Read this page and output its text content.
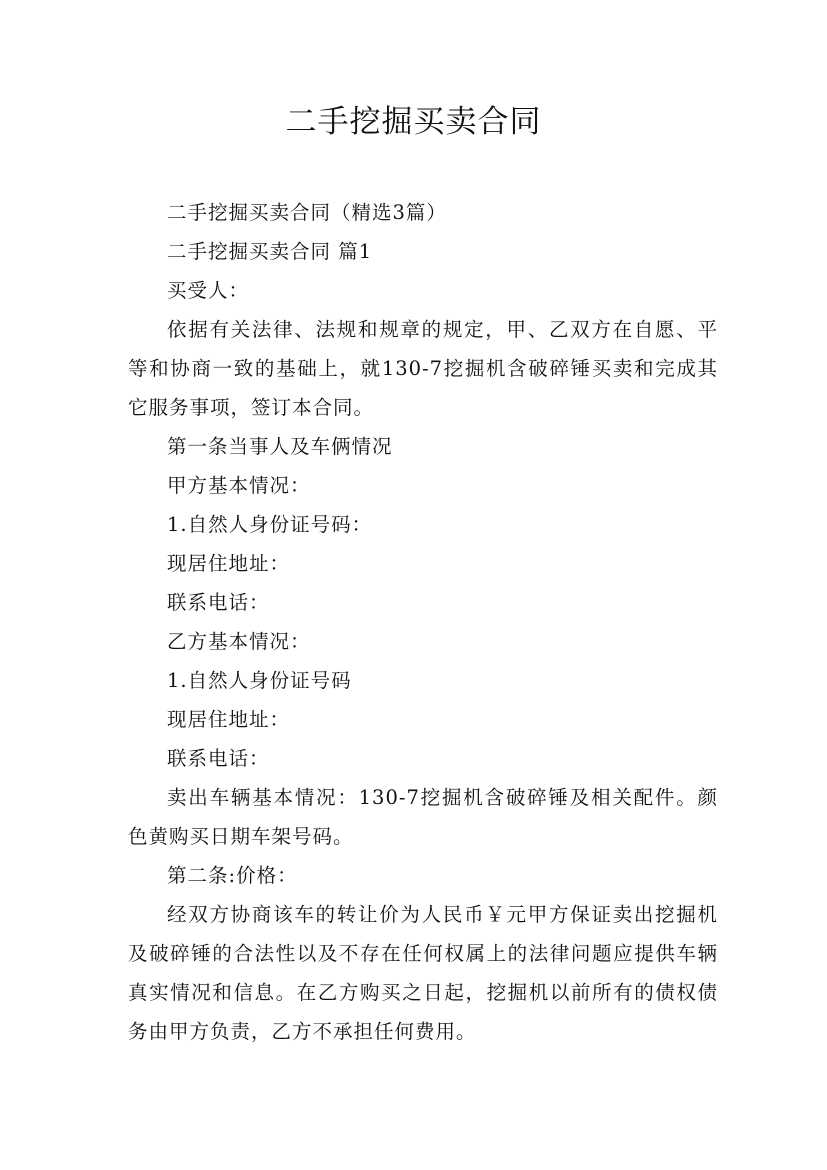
二手挖掘买卖合同

二手挖掘买卖合同（精选3篇）

二手挖掘买卖合同 篇1

买受人：

依据有关法律、法规和规章的规定，甲、乙双方在自愿、平等和协商一致的基础上，就130-7挖掘机含破碎锤买卖和完成其它服务事项，签订本合同。

第一条当事人及车俩情况

甲方基本情况：

1.自然人身份证号码：

现居住地址：

联系电话：

乙方基本情况：

1.自然人身份证号码

现居住地址：

联系电话：

卖出车辆基本情况：130-7挖掘机含破碎锤及相关配件。颜色黄购买日期车架号码。

第二条:价格：

经双方协商该车的转让价为人民币￥元甲方保证卖出挖掘机及破碎锤的合法性以及不存在任何权属上的法律问题应提供车辆真实情况和信息。在乙方购买之日起，挖掘机以前所有的债权债务由甲方负责，乙方不承担任何费用。
